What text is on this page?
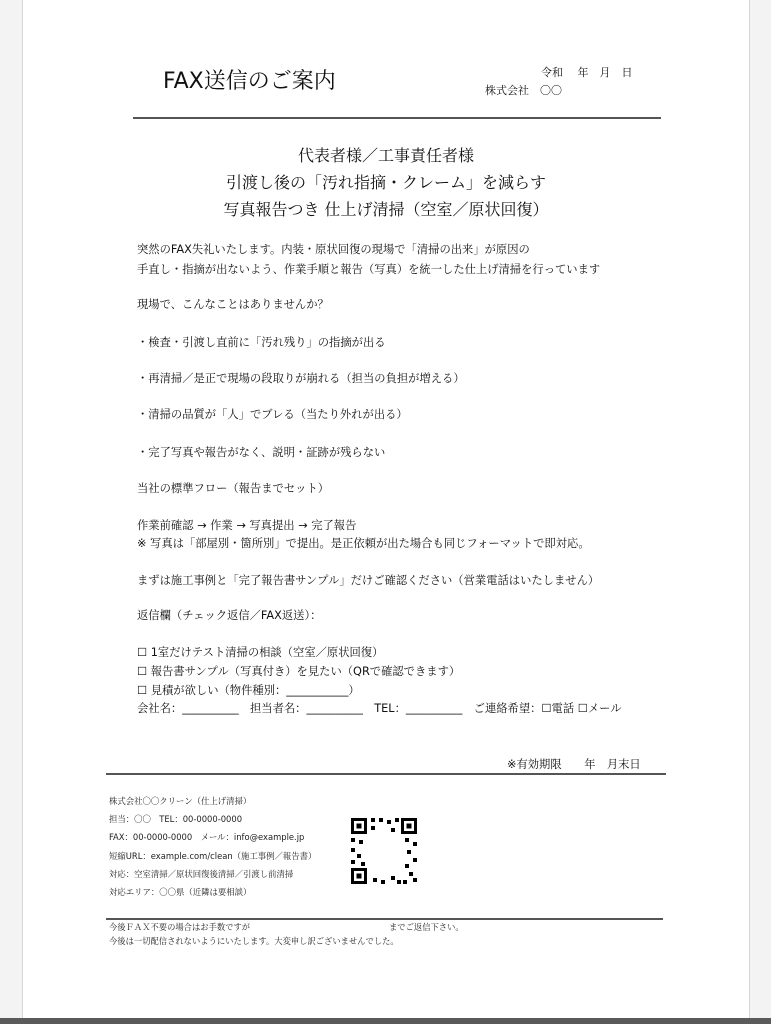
FAX送信のご案内	令和　 年　月　日
株式会社　〇〇
代表者様／工事責任者様
引渡し後の「汚れ指摘・クレーム」を減らす
写真報告つき 仕上げ清掃（空室／原状回復）
突然のFAX失礼いたします。内装・原状回復の現場で「清掃の出来」が原因の
手直し・指摘が出ないよう、作業手順と報告（写真）を統一した仕上げ清掃を行っています
現場で、こんなことはありませんか？
・検査・引渡し直前に「汚れ残り」の指摘が出る
・再清掃／是正で現場の段取りが崩れる（担当の負担が増える）
・清掃の品質が「人」でブレる（当たり外れが出る）
・完了写真や報告がなく、説明・証跡が残らない
当社の標準フロー（報告までセット）
作業前確認 → 作業 → 写真提出 → 完了報告
※ 写真は「部屋別・箇所別」で提出。是正依頼が出た場合も同じフォーマットで即対応。
まずは施工事例と「完了報告書サンプル」だけご確認ください（営業電話はいたしません）
返信欄（チェック返信／FAX返送）：
☐ 1室だけテスト清掃の相談（空室／原状回復）
☐ 報告書サンプル（写真付き）を見たい（QRで確認できます）
☐ 見積が欲しい（物件種別：___________）
会社名：__________　担当者名：__________　TEL：__________　ご連絡希望：☐電話 ☐メール
※有効期限　　年　月末日
株式会社〇〇クリーン（仕上げ清掃）
担当：〇〇　TEL：00-0000-0000
FAX：00-0000-0000　メール：info@example.jp
短縮URL：example.com/clean（施工事例／報告書）
対応：空室清掃／原状回復後清掃／引渡し前清掃
対応エリア：〇〇県（近隣は要相談）
今後ＦＡＸ不要の場合はお手数ですが	までご返信下さい。
今後は一切配信されないようにいたします。大変申し訳ございませんでした。
